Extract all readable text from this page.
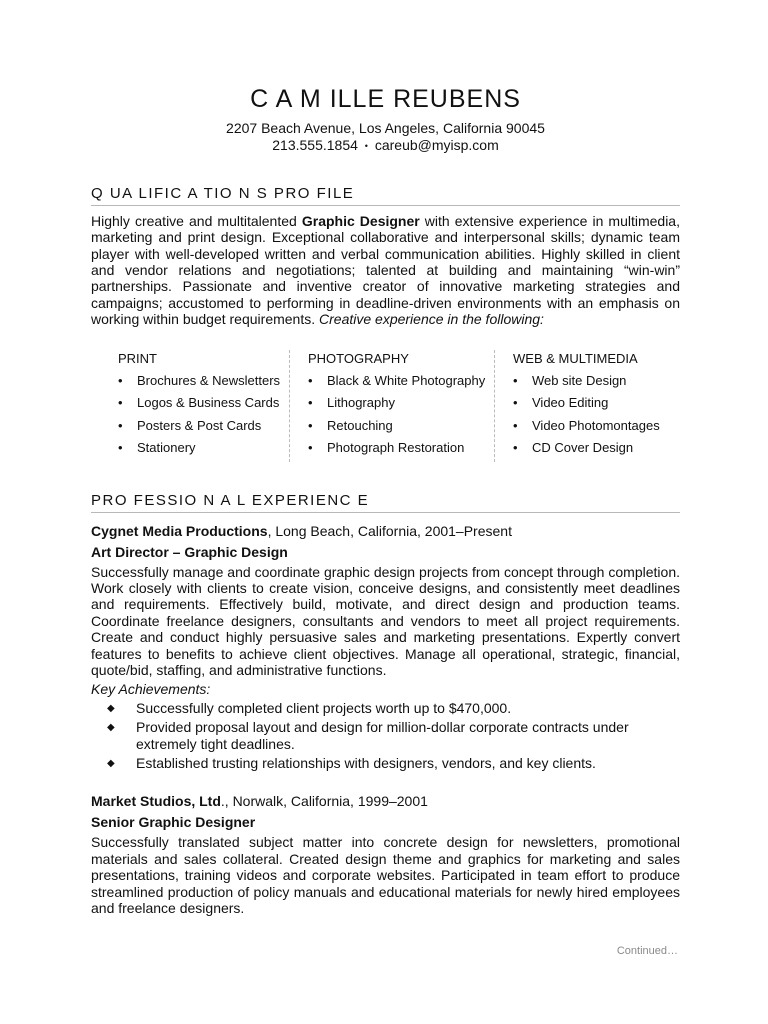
C A M ILLE REUBENS
2207 Beach Avenue, Los Angeles, California 90045
213.555.1854 • careub@myisp.com
Q UA LIFIC A TIO N S PRO FILE
Highly creative and multitalented Graphic Designer with extensive experience in multimedia, marketing and print design. Exceptional collaborative and interpersonal skills; dynamic team player with well-developed written and verbal communication abilities. Highly skilled in client and vendor relations and negotiations; talented at building and maintaining “win-win” partnerships. Passionate and inventive creator of innovative marketing strategies and campaigns; accustomed to performing in deadline-driven environments with an emphasis on working within budget requirements. Creative experience in the following:
PRINT
• Brochures & Newsletters
• Logos & Business Cards
• Posters & Post Cards
• Stationery
PHOTOGRAPHY
• Black & White Photography
• Lithography
• Retouching
• Photograph Restoration
WEB & MULTIMEDIA
• Web site Design
• Video Editing
• Video Photomontages
• CD Cover Design
PRO FESSIO N A L EXPERIENC E
Cygnet Media Productions, Long Beach, California, 2001–Present
Art Director – Graphic Design
Successfully manage and coordinate graphic design projects from concept through completion. Work closely with clients to create vision, conceive designs, and consistently meet deadlines and requirements. Effectively build, motivate, and direct design and production teams. Coordinate freelance designers, consultants and vendors to meet all project requirements. Create and conduct highly persuasive sales and marketing presentations. Expertly convert features to benefits to achieve client objectives. Manage all operational, strategic, financial, quote/bid, staffing, and administrative functions.
Key Achievements:
◆ Successfully completed client projects worth up to $470,000.
◆ Provided proposal layout and design for million-dollar corporate contracts under extremely tight deadlines.
◆ Established trusting relationships with designers, vendors, and key clients.
Market Studios, Ltd., Norwalk, California, 1999–2001
Senior Graphic Designer
Successfully translated subject matter into concrete design for newsletters, promotional materials and sales collateral. Created design theme and graphics for marketing and sales presentations, training videos and corporate websites. Participated in team effort to produce streamlined production of policy manuals and educational materials for newly hired employees and freelance designers.
Continued…
